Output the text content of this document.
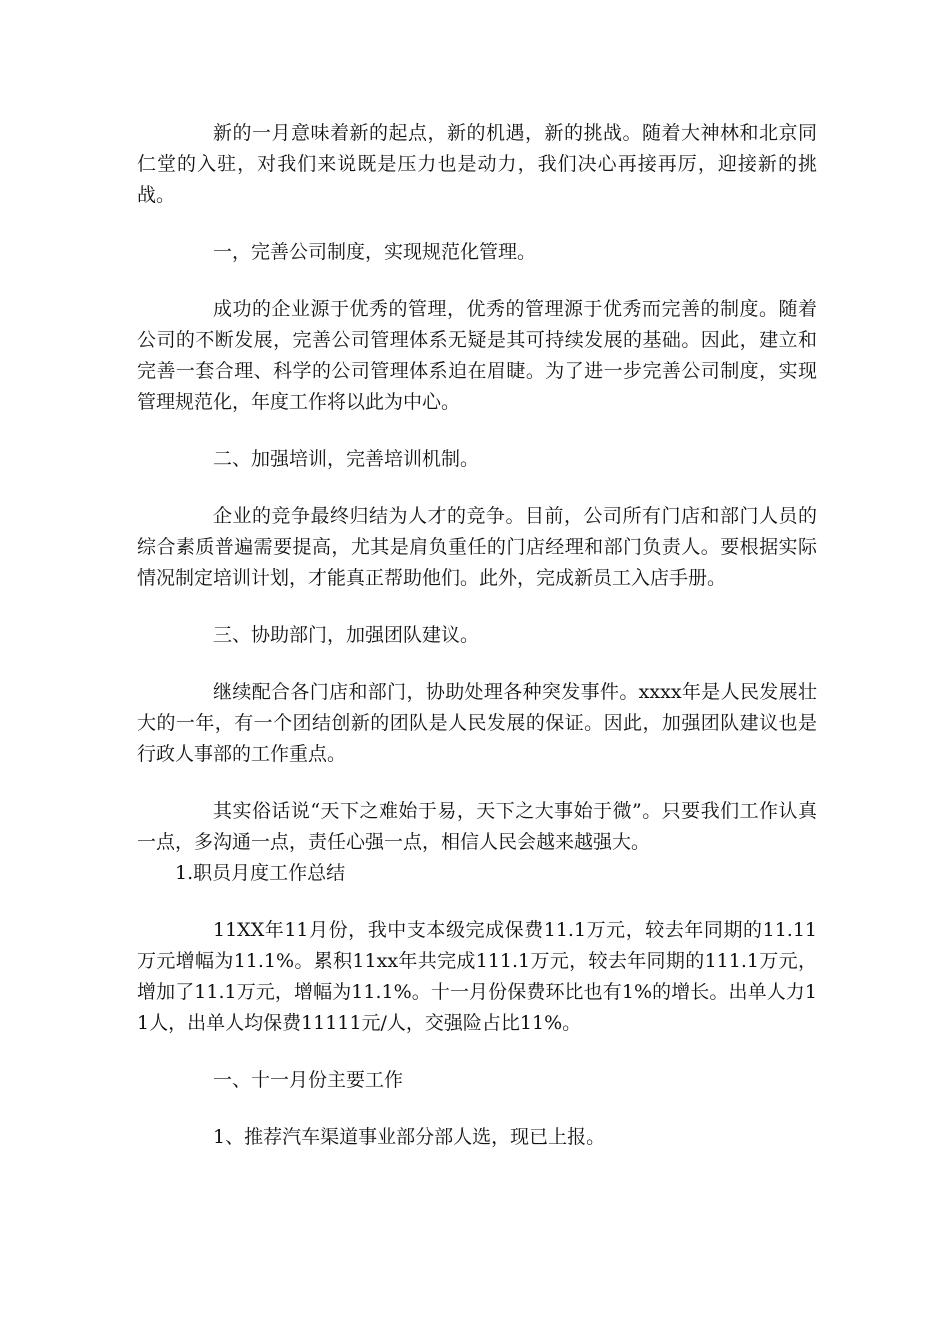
新的一月意味着新的起点，新的机遇，新的挑战。随着大神林和北京同仁堂的入驻，对我们来说既是压力也是动力，我们决心再接再厉，迎接新的挑战。

一，完善公司制度，实现规范化管理。

成功的企业源于优秀的管理，优秀的管理源于优秀而完善的制度。随着公司的不断发展，完善公司管理体系无疑是其可持续发展的基础。因此，建立和完善一套合理、科学的公司管理体系迫在眉睫。为了进一步完善公司制度，实现管理规范化，年度工作将以此为中心。

二、加强培训，完善培训机制。

企业的竞争最终归结为人才的竞争。目前，公司所有门店和部门人员的综合素质普遍需要提高，尤其是肩负重任的门店经理和部门负责人。要根据实际情况制定培训计划，才能真正帮助他们。此外，完成新员工入店手册。

三、协助部门，加强团队建议。

继续配合各门店和部门，协助处理各种突发事件。xxxx年是人民发展壮大的一年，有一个团结创新的团队是人民发展的保证。因此，加强团队建议也是行政人事部的工作重点。

其实俗话说“天下之难始于易，天下之大事始于微”。只要我们工作认真一点，多沟通一点，责任心强一点，相信人民会越来越强大。

1.职员月度工作总结

11XX年11月份，我中支本级完成保费11.1万元，较去年同期的11.11万元增幅为11.1%。累积11xx年共完成111.1万元，较去年同期的111.1万元，增加了11.1万元，增幅为11.1%。十一月份保费环比也有1%的增长。出单人力11人，出单人均保费11111元/人，交强险占比11%。

一、十一月份主要工作

1、推荐汽车渠道事业部分部人选，现已上报。
